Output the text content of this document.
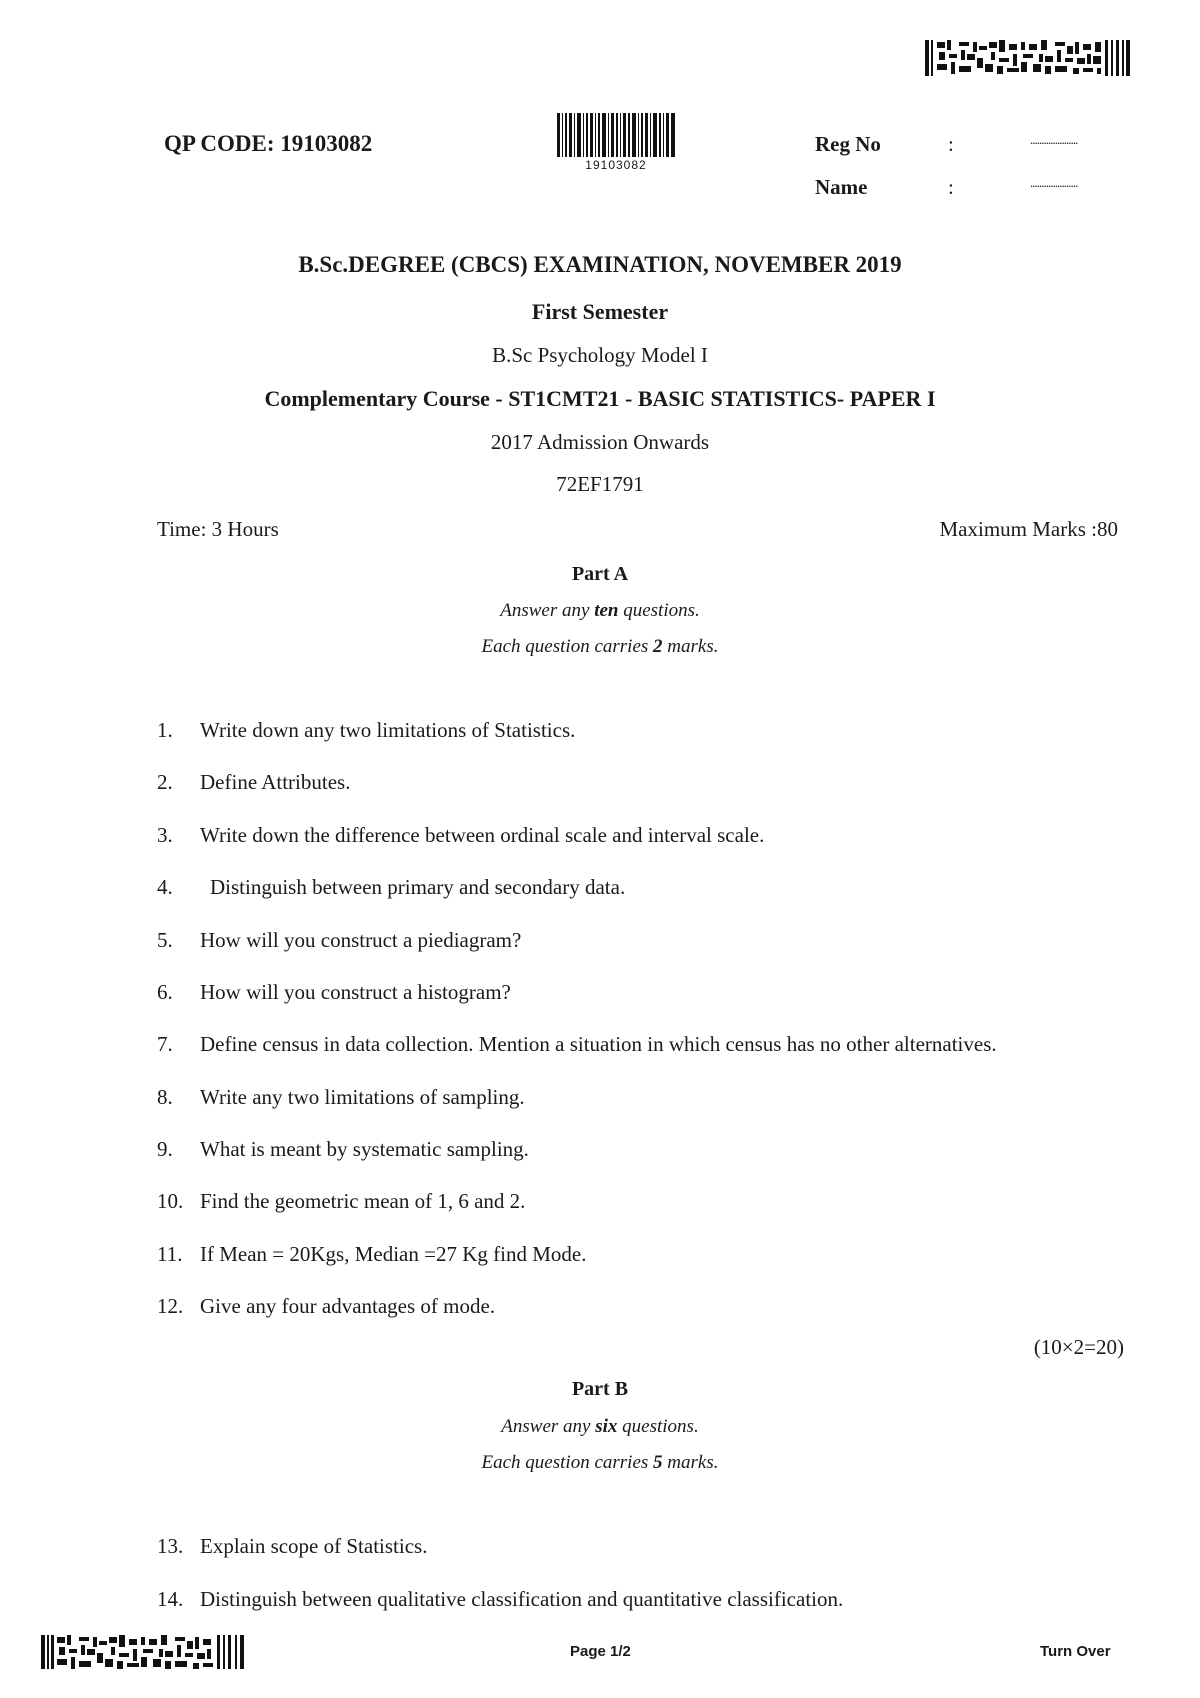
QP CODE: 19103082
19103082
Reg No	:	.....................
Name	:	.....................
B.Sc.DEGREE (CBCS) EXAMINATION, NOVEMBER 2019
First Semester
B.Sc Psychology Model I
Complementary Course - ST1CMT21 - BASIC STATISTICS- PAPER I
2017 Admission Onwards
72EF1791
Time: 3 Hours	Maximum Marks :80
Part A
Answer any ten questions.
Each question carries 2 marks.
1. Write down any two limitations of Statistics.
2. Define Attributes.
3. Write down the difference between ordinal scale and interval scale.
4. Distinguish between primary and secondary data.
5. How will you construct a piediagram?
6. How will you construct a histogram?
7. Define census in data collection. Mention a situation in which census has no other alternatives.
8. Write any two limitations of sampling.
9. What is meant by systematic sampling.
10. Find the geometric mean of 1, 6 and 2.
11. If Mean = 20Kgs, Median =27 Kg find Mode.
12. Give any four advantages of mode.
(10×2=20)
Part B
Answer any six questions.
Each question carries 5 marks.
13. Explain scope of Statistics.
14. Distinguish between qualitative classification and quantitative classification.
Page 1/2	Turn Over
